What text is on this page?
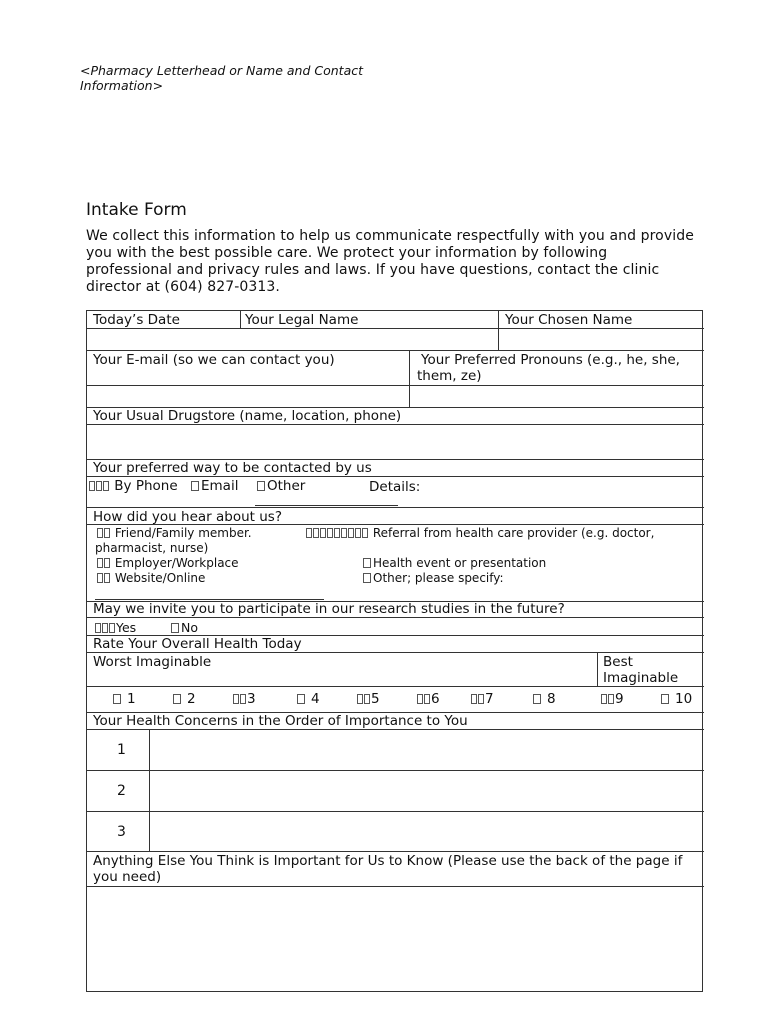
<Pharmacy Letterhead or Name and Contact Information>
Intake Form
We collect this information to help us communicate respectfully with you and provide you with the best possible care. We protect your information by following professional and privacy rules and laws. If you have questions, contact the clinic director at (604) 827-0313.
Today’s Date	Your Legal Name	Your Chosen Name
Your E-mail (so we can contact you)	Your Preferred Pronouns (e.g., he, she, them, ze)
Your Usual Drugstore (name, location, phone)
Your preferred way to be contacted by us
By Phone	Email	Other	Details:
How did you hear about us?
Friend/Family member.	Referral from health care provider (e.g. doctor,
pharmacist, nurse)
Employer/Workplace	Health event or presentation
Website/Online	Other; please specify:
May we invite you to participate in our research studies in the future?
Yes	No
Rate Your Overall Health Today
Worst Imaginable	Best Imaginable
1	2	3	4	5	6	7	8	9	10
Your Health Concerns in the Order of Importance to You
1
2
3
Anything Else You Think is Important for Us to Know (Please use the back of the page if you need)
